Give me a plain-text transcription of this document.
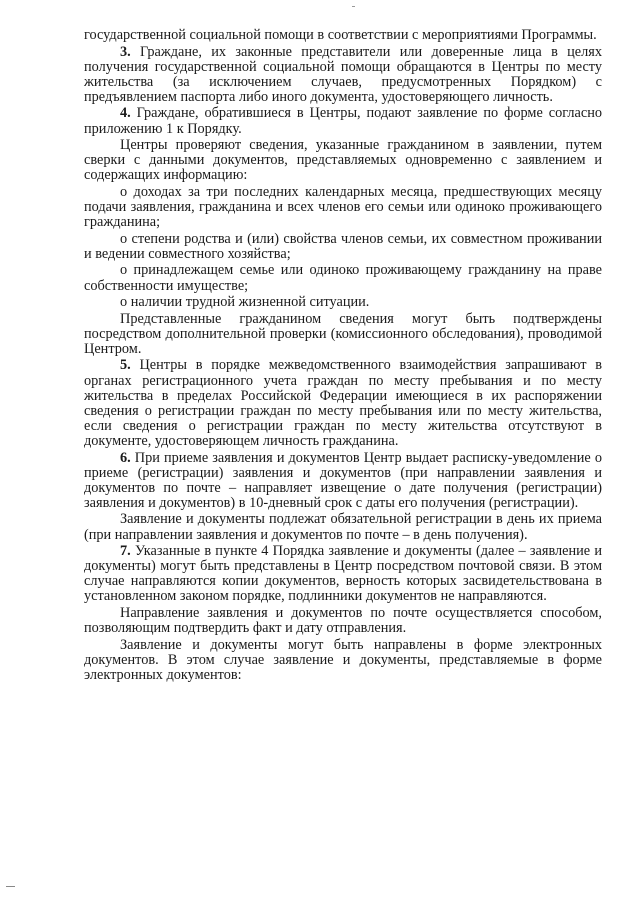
государственной социальной помощи в соответствии с мероприятиями Программы.

3. Граждане, их законные представители или доверенные лица в целях получения государственной социальной помощи обращаются в Центры по месту жительства (за исключением случаев, предусмотренных Порядком) с предъявлением паспорта либо иного документа, удостоверяющего личность.

4. Граждане, обратившиеся в Центры, подают заявление по форме согласно приложению 1 к Порядку.

Центры проверяют сведения, указанные гражданином в заявлении, путем сверки с данными документов, представляемых одновременно с заявлением и содержащих информацию:

о доходах за три последних календарных месяца, предшествующих месяцу подачи заявления, гражданина и всех членов его семьи или одиноко проживающего гражданина;

о степени родства и (или) свойства членов семьи, их совместном проживании и ведении совместного хозяйства;

о принадлежащем семье или одиноко проживающему гражданину на праве собственности имуществе;

о наличии трудной жизненной ситуации.

Представленные гражданином сведения могут быть подтверждены посредством дополнительной проверки (комиссионного обследования), проводимой Центром.

5. Центры в порядке межведомственного взаимодействия запрашивают в органах регистрационного учета граждан по месту пребывания и по месту жительства в пределах Российской Федерации имеющиеся в их распоряжении сведения о регистрации граждан по месту пребывания или по месту жительства, если сведения о регистрации граждан по месту жительства отсутствуют в документе, удостоверяющем личность гражданина.

6. При приеме заявления и документов Центр выдает расписку-уведомление о приеме (регистрации) заявления и документов (при направлении заявления и документов по почте – направляет извещение о дате получения (регистрации) заявления и документов) в 10-дневный срок с даты его получения (регистрации).

Заявление и документы подлежат обязательной регистрации в день их приема (при направлении заявления и документов по почте – в день получения).

7. Указанные в пункте 4 Порядка заявление и документы (далее – заявление и документы) могут быть представлены в Центр посредством почтовой связи. В этом случае направляются копии документов, верность которых засвидетельствована в установленном законом порядке, подлинники документов не направляются.

Направление заявления и документов по почте осуществляется способом, позволяющим подтвердить факт и дату отправления.

Заявление и документы могут быть направлены в форме электронных документов. В этом случае заявление и документы, представляемые в форме электронных документов:
